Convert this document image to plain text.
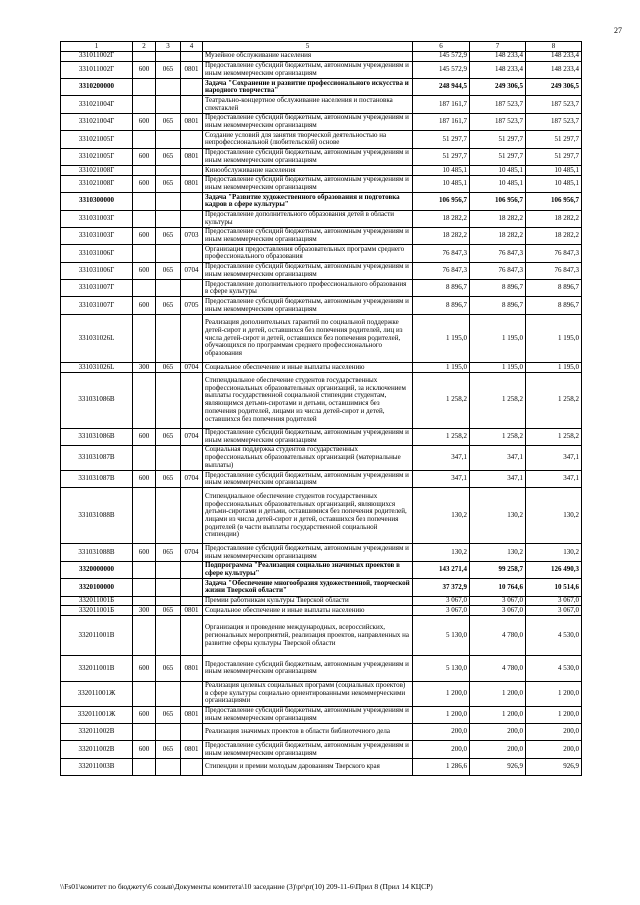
27
1	2	3	4	5	6	7	8
331011002Г				Музейное обслуживание населения	145 572,9	148 233,4	148 233,4
331011002Г	600	065	0801	Предоставление субсидий бюджетным, автономным учреждениям и иным некоммерческим организациям	145 572,9	148 233,4	148 233,4
3310200000				Задача "Сохранение и развитие профессионального искусства и народного творчества"	248 944,5	249 306,5	249 306,5
331021004Г				Театрально-концертное обслуживание населения и постановка спектаклей	187 161,7	187 523,7	187 523,7
331021004Г	600	065	0801	Предоставление субсидий бюджетным, автономным учреждениям и иным некоммерческим организациям	187 161,7	187 523,7	187 523,7
331021005Г				Создание условий для занятия творческой деятельностью на непрофессиональной (любительской) основе	51 297,7	51 297,7	51 297,7
331021005Г	600	065	0801	Предоставление субсидий бюджетным, автономным учреждениям и иным некоммерческим организациям	51 297,7	51 297,7	51 297,7
331021008Г				Кинообслуживание населения	10 485,1	10 485,1	10 485,1
331021008Г	600	065	0801	Предоставление субсидий бюджетным, автономным учреждениям и иным некоммерческим организациям	10 485,1	10 485,1	10 485,1
3310300000				Задача "Развитие художественного образования и подготовка кадров в сфере культуры"	106 956,7	106 956,7	106 956,7
331031003Г				Предоставление дополнительного образования детей в области культуры	18 282,2	18 282,2	18 282,2
331031003Г	600	065	0703	Предоставление субсидий бюджетным, автономным учреждениям и иным некоммерческим организациям	18 282,2	18 282,2	18 282,2
331031006Г				Организация предоставления образовательных программ среднего профессионального образования	76 847,3	76 847,3	76 847,3
331031006Г	600	065	0704	Предоставление субсидий бюджетным, автономным учреждениям и иным некоммерческим организациям	76 847,3	76 847,3	76 847,3
331031007Г				Предоставление дополнительного профессионального образования в сфере культуры	8 896,7	8 896,7	8 896,7
331031007Г	600	065	0705	Предоставление субсидий бюджетным, автономным учреждениям и иным некоммерческим организациям	8 896,7	8 896,7	8 896,7
331031026L				Реализация дополнительных гарантий по социальной поддержке детей-сирот и детей, оставшихся без попечения родителей, лиц из числа детей-сирот и детей, оставшихся без попечения родителей, обучающихся по программам среднего профессионального образования	1 195,0	1 195,0	1 195,0
331031026L	300	065	0704	Социальное обеспечение и иные выплаты населению	1 195,0	1 195,0	1 195,0
331031086В				Стипендиальное обеспечение студентов государственных профессиональных образовательных организаций, за исключением выплаты государственной социальной стипендии студентам, являющимся детьми-сиротами и детьми, оставшимися без попечения родителей, лицами из числа детей-сирот и детей, оставшихся без попечения родителей	1 258,2	1 258,2	1 258,2
331031086В	600	065	0704	Предоставление субсидий бюджетным, автономным учреждениям и иным некоммерческим организациям	1 258,2	1 258,2	1 258,2
331031087В				Социальная поддержка студентов государственных профессиональных образовательных организаций (материальные выплаты)	347,1	347,1	347,1
331031087В	600	065	0704	Предоставление субсидий бюджетным, автономным учреждениям и иным некоммерческим организациям	347,1	347,1	347,1
331031088В				Стипендиальное обеспечение студентов государственных профессиональных образовательных организаций, являющихся детьми-сиротами и детьми, оставшимися без попечения родителей, лицами из числа детей-сирот и детей, оставшихся без попечения родителей (в части выплаты государственной социальной стипендии)	130,2	130,2	130,2
331031088В	600	065	0704	Предоставление субсидий бюджетным, автономным учреждениям и иным некоммерческим организациям	130,2	130,2	130,2
3320000000				Подпрограмма "Реализация социально значимых проектов в сфере культуры"	143 271,4	99 258,7	126 490,3
3320100000				Задача "Обеспечение многообразия художественной, творческой жизни Тверской области"	37 372,9	10 764,6	10 514,6
332011001Б				Премии работникам культуры Тверской области	3 067,0	3 067,0	3 067,0
332011001Б	300	065	0801	Социальное обеспечение и иные выплаты населению	3 067,0	3 067,0	3 067,0
332011001В				Организация и проведение международных, всероссийских, региональных мероприятий, реализация проектов, направленных на развитие сферы культуры Тверской области	5 130,0	4 780,0	4 530,0
332011001В	600	065	0801	Предоставление субсидий бюджетным, автономным учреждениям и иным некоммерческим организациям	5 130,0	4 780,0	4 530,0
332011001Ж				Реализация целевых социальных программ (социальных проектов) в сфере культуры социально ориентированными некоммерческими организациями	1 200,0	1 200,0	1 200,0
332011001Ж	600	065	0801	Предоставление субсидий бюджетным, автономным учреждениям и иным некоммерческим организациям	1 200,0	1 200,0	1 200,0
332011002В				Реализация значимых проектов в области библиотечного дела	200,0	200,0	200,0
332011002В	600	065	0801	Предоставление субсидий бюджетным, автономным учреждениям и иным некоммерческим организациям	200,0	200,0	200,0
332011003В				Стипендии и премии молодым дарованиям Тверского края	1 286,6	926,9	926,9
\\Fs01\комитет по бюджету\6 созыв\Документы комитета\10 заседание (3)\pr\pr(10) 209-11-6\Прил 8 (Прил 14 КЦСР)
